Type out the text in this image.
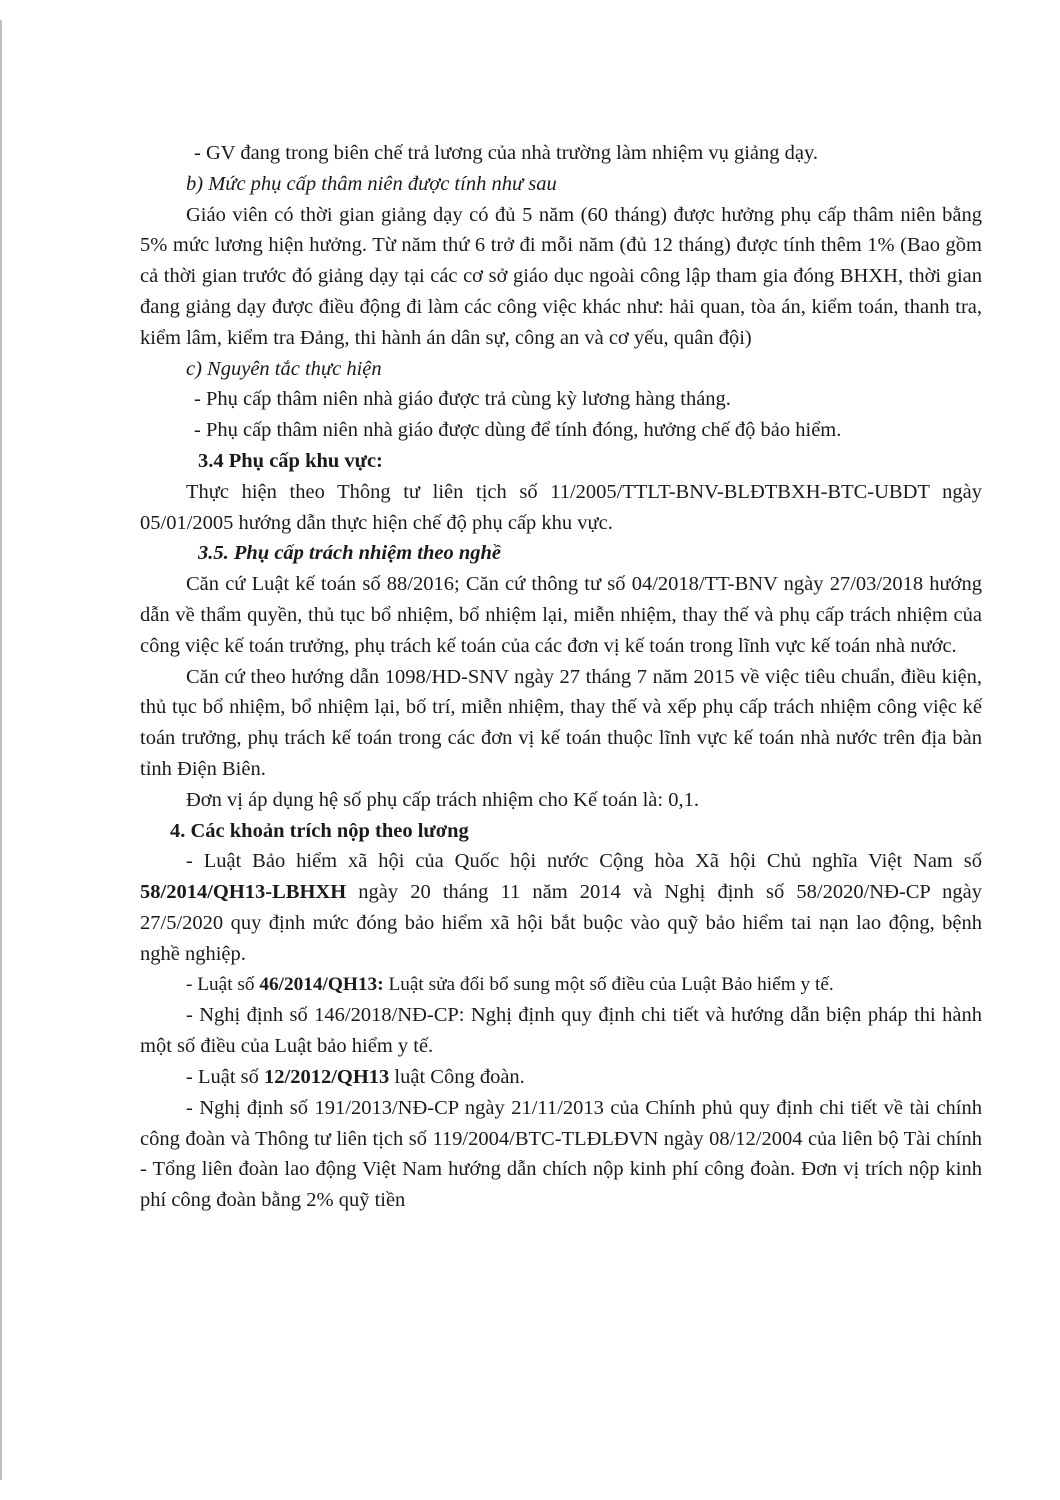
- GV đang trong biên chế trả lương của nhà trường làm nhiệm vụ giảng dạy.

b) Mức phụ cấp thâm niên được tính như sau

Giáo viên có thời gian giảng dạy có đủ 5 năm (60 tháng) được hưởng phụ cấp thâm niên bằng 5% mức lương hiện hưởng. Từ năm thứ 6 trở đi mỗi năm (đủ 12 tháng) được tính thêm 1% (Bao gồm cả thời gian trước đó giảng dạy tại các cơ sở giáo dục ngoài công lập tham gia đóng BHXH, thời gian đang giảng dạy được điều động đi làm các công việc khác như: hải quan, tòa án, kiểm toán, thanh tra, kiểm lâm, kiểm tra Đảng, thi hành án dân sự, công an và cơ yếu, quân đội)

c) Nguyên tắc thực hiện

- Phụ cấp thâm niên nhà giáo được trả cùng kỳ lương hàng tháng.

- Phụ cấp thâm niên nhà giáo được dùng để tính đóng, hưởng chế độ bảo hiểm.

3.4 Phụ cấp khu vực:

Thực hiện theo Thông tư liên tịch số 11/2005/TTLT-BNV-BLĐTBXH-BTC-UBDT ngày 05/01/2005 hướng dẫn thực hiện chế độ phụ cấp khu vực.

3.5. Phụ cấp trách nhiệm theo nghề

Căn cứ Luật kế toán số 88/2016; Căn cứ thông tư số 04/2018/TT-BNV ngày 27/03/2018 hướng dẫn về thẩm quyền, thủ tục bổ nhiệm, bổ nhiệm lại, miễn nhiệm, thay thế và phụ cấp trách nhiệm của công việc kế toán trưởng, phụ trách kế toán của các đơn vị kế toán trong lĩnh vực kế toán nhà nước.

Căn cứ theo hướng dẫn 1098/HD-SNV ngày 27 tháng 7 năm 2015 về việc tiêu chuẩn, điều kiện, thủ tục bổ nhiệm, bổ nhiệm lại, bố trí, miễn nhiệm, thay thế và xếp phụ cấp trách nhiệm công việc kế toán trưởng, phụ trách kế toán trong các đơn vị kế toán thuộc lĩnh vực kế toán nhà nước trên địa bàn tỉnh Điện Biên.

Đơn vị áp dụng hệ số phụ cấp trách nhiệm cho Kế toán là: 0,1.

4. Các khoản trích nộp theo lương

- Luật Bảo hiểm xã hội của Quốc hội nước Cộng hòa Xã hội Chủ nghĩa Việt Nam số 58/2014/QH13-LBHXH ngày 20 tháng 11 năm 2014 và Nghị định số 58/2020/NĐ-CP ngày 27/5/2020 quy định mức đóng bảo hiểm xã hội bắt buộc vào quỹ bảo hiểm tai nạn lao động, bệnh nghề nghiệp.

- Luật số 46/2014/QH13: Luật sửa đổi bổ sung một số điều của Luật Bảo hiểm y tế.

- Nghị định số 146/2018/NĐ-CP: Nghị định quy định chi tiết và hướng dẫn biện pháp thi hành một số điều của Luật bảo hiểm y tế.

- Luật số 12/2012/QH13 luật Công đoàn.

- Nghị định số 191/2013/NĐ-CP ngày 21/11/2013 của Chính phủ quy định chi tiết về tài chính công đoàn và Thông tư liên tịch số 119/2004/BTC-TLĐLĐVN ngày 08/12/2004 của liên bộ Tài chính - Tổng liên đoàn lao động Việt Nam hướng dẫn chích nộp kinh phí công đoàn. Đơn vị trích nộp kinh phí công đoàn bằng 2% quỹ tiền
